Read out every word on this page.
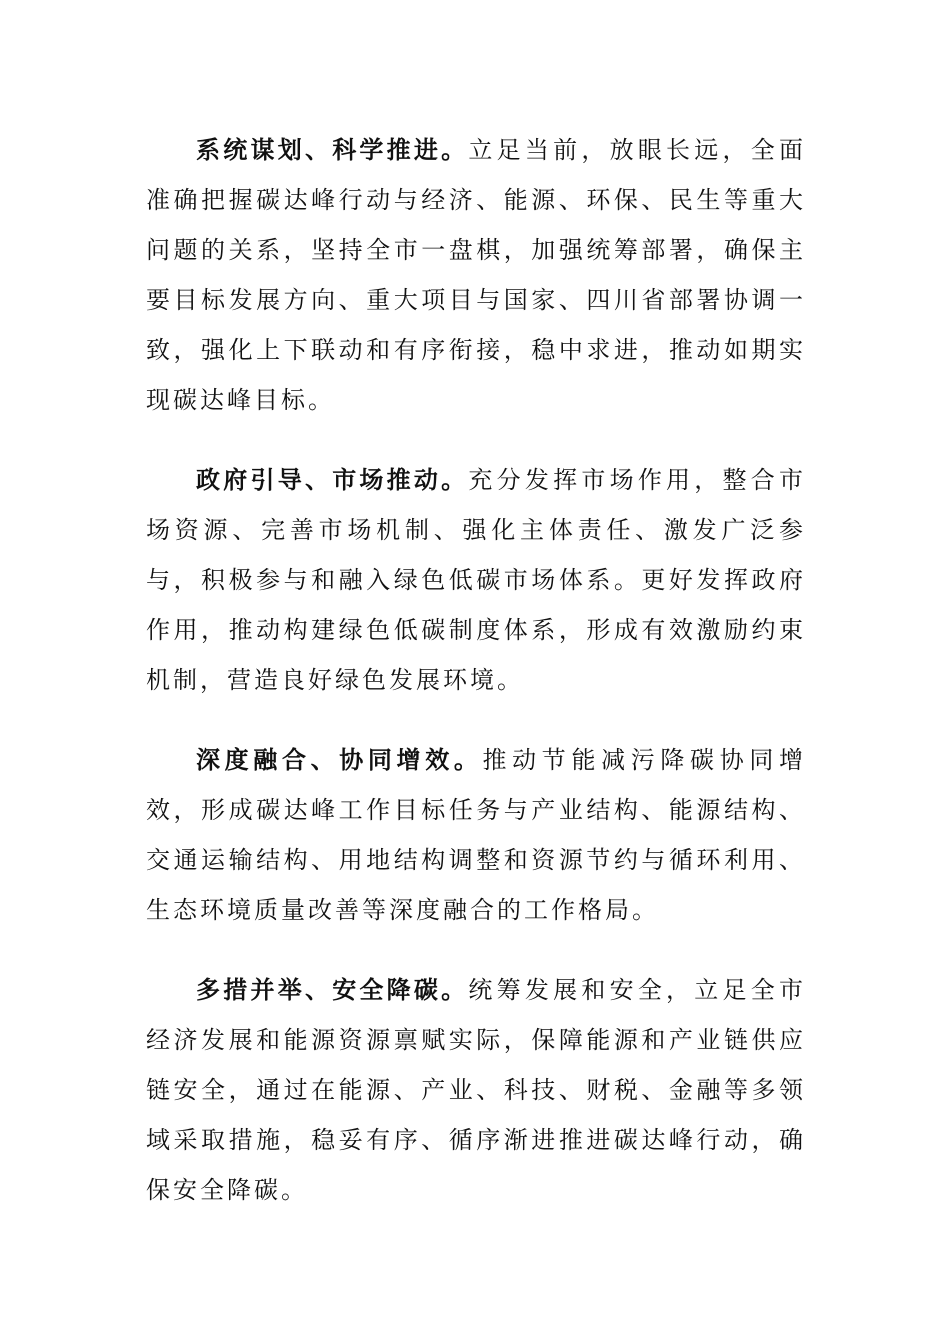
系统谋划、科学推进。立足当前，放眼长远，全面准确把握碳达峰行动与经济、能源、环保、民生等重大问题的关系，坚持全市一盘棋，加强统筹部署，确保主要目标发展方向、重大项目与国家、四川省部署协调一致，强化上下联动和有序衔接，稳中求进，推动如期实现碳达峰目标。

政府引导、市场推动。充分发挥市场作用，整合市场资源、完善市场机制、强化主体责任、激发广泛参与，积极参与和融入绿色低碳市场体系。更好发挥政府作用，推动构建绿色低碳制度体系，形成有效激励约束机制，营造良好绿色发展环境。

深度融合、协同增效。推动节能减污降碳协同增效，形成碳达峰工作目标任务与产业结构、能源结构、交通运输结构、用地结构调整和资源节约与循环利用、生态环境质量改善等深度融合的工作格局。

多措并举、安全降碳。统筹发展和安全，立足全市经济发展和能源资源禀赋实际，保障能源和产业链供应链安全，通过在能源、产业、科技、财税、金融等多领域采取措施，稳妥有序、循序渐进推进碳达峰行动，确保安全降碳。
